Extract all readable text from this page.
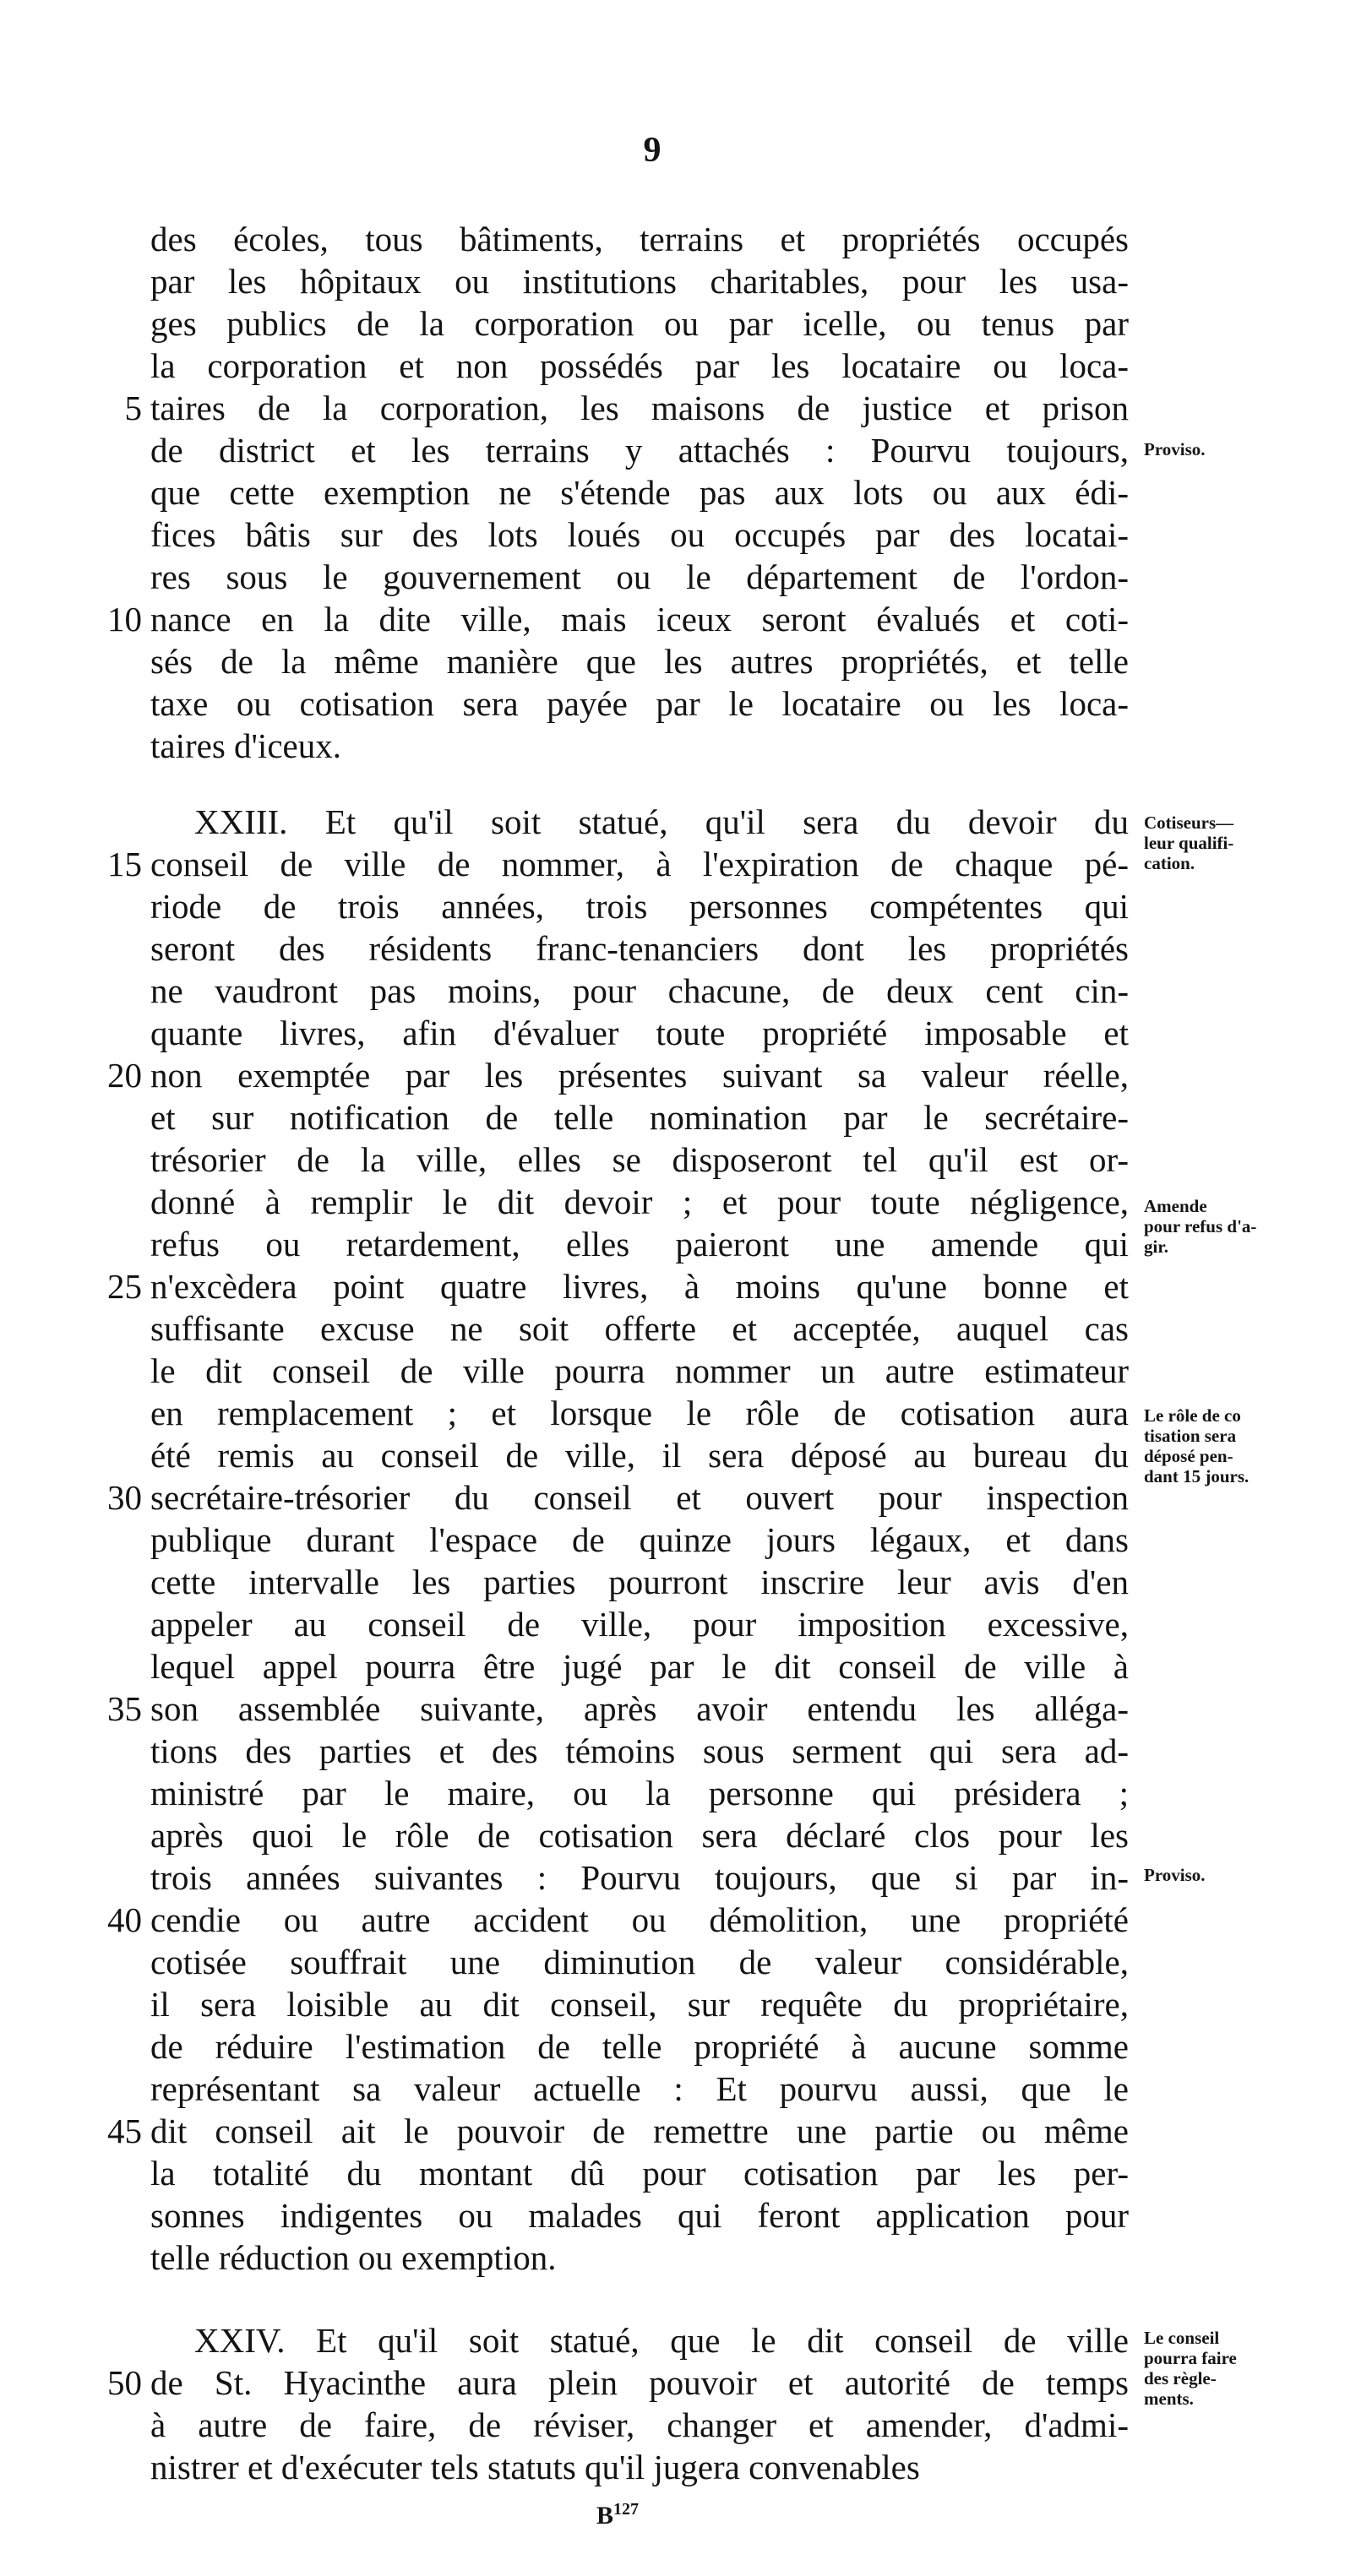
9
des écoles, tous bâtiments, terrains et propriétés occupés
par les hôpitaux ou institutions charitables, pour les usa-
ges publics de la corporation ou par icelle, ou tenus par
la corporation et non possédés par les locataire ou loca-
taires de la corporation, les maisons de justice et prison
de district et les terrains y attachés : Pourvu toujours,
que cette exemption ne s'étende pas aux lots ou aux édi-
fices bâtis sur des lots loués ou occupés par des locatai-
res sous le gouvernement ou le département de l'ordon-
nance en la dite ville, mais iceux seront évalués et coti-
sés de la même manière que les autres propriétés, et telle
taxe ou cotisation sera payée par le locataire ou les loca-
taires d'iceux.
XXIII. Et qu'il soit statué, qu'il sera du devoir du
conseil de ville de nommer, à l'expiration de chaque pé-
riode de trois années, trois personnes compétentes qui
seront des résidents franc-tenanciers dont les propriétés
ne vaudront pas moins, pour chacune, de deux cent cin-
quante livres, afin d'évaluer toute propriété imposable et
non exemptée par les présentes suivant sa valeur réelle,
et sur notification de telle nomination par le secrétaire-
trésorier de la ville, elles se disposeront tel qu'il est or-
donné à remplir le dit devoir ; et pour toute négligence,
refus ou retardement, elles paieront une amende qui
n'excèdera point quatre livres, à moins qu'une bonne et
suffisante excuse ne soit offerte et acceptée, auquel cas
le dit conseil de ville pourra nommer un autre estimateur
en remplacement ; et lorsque le rôle de cotisation aura
été remis au conseil de ville, il sera déposé au bureau du
secrétaire-trésorier du conseil et ouvert pour inspection
publique durant l'espace de quinze jours légaux, et dans
cette intervalle les parties pourront inscrire leur avis d'en
appeler au conseil de ville, pour imposition excessive,
lequel appel pourra être jugé par le dit conseil de ville à
son assemblée suivante, après avoir entendu les alléga-
tions des parties et des témoins sous serment qui sera ad-
ministré par le maire, ou la personne qui présidera ;
après quoi le rôle de cotisation sera déclaré clos pour les
trois années suivantes : Pourvu toujours, que si par in-
cendie ou autre accident ou démolition, une propriété
cotisée souffrait une diminution de valeur considérable,
il sera loisible au dit conseil, sur requête du propriétaire,
de réduire l'estimation de telle propriété à aucune somme
représentant sa valeur actuelle : Et pourvu aussi, que le
dit conseil ait le pouvoir de remettre une partie ou même
la totalité du montant dû pour cotisation par les per-
sonnes indigentes ou malades qui feront application pour
telle réduction ou exemption.
XXIV. Et qu'il soit statué, que le dit conseil de ville
de St. Hyacinthe aura plein pouvoir et autorité de temps
à autre de faire, de réviser, changer et amender, d'admi-
nistrer et d'exécuter tels statuts qu'il jugera convenables
5
10
15
20
25
30
35
40
45
50
Proviso.
Cotiseurs—
leur qualifi-
cation.
Amende
pour refus d'a-
gir.
Le rôle de co
tisation sera
déposé pen-
dant 15 jours.
Proviso.
Le conseil
pourra faire
des règle-
ments.
$B^{127}$
